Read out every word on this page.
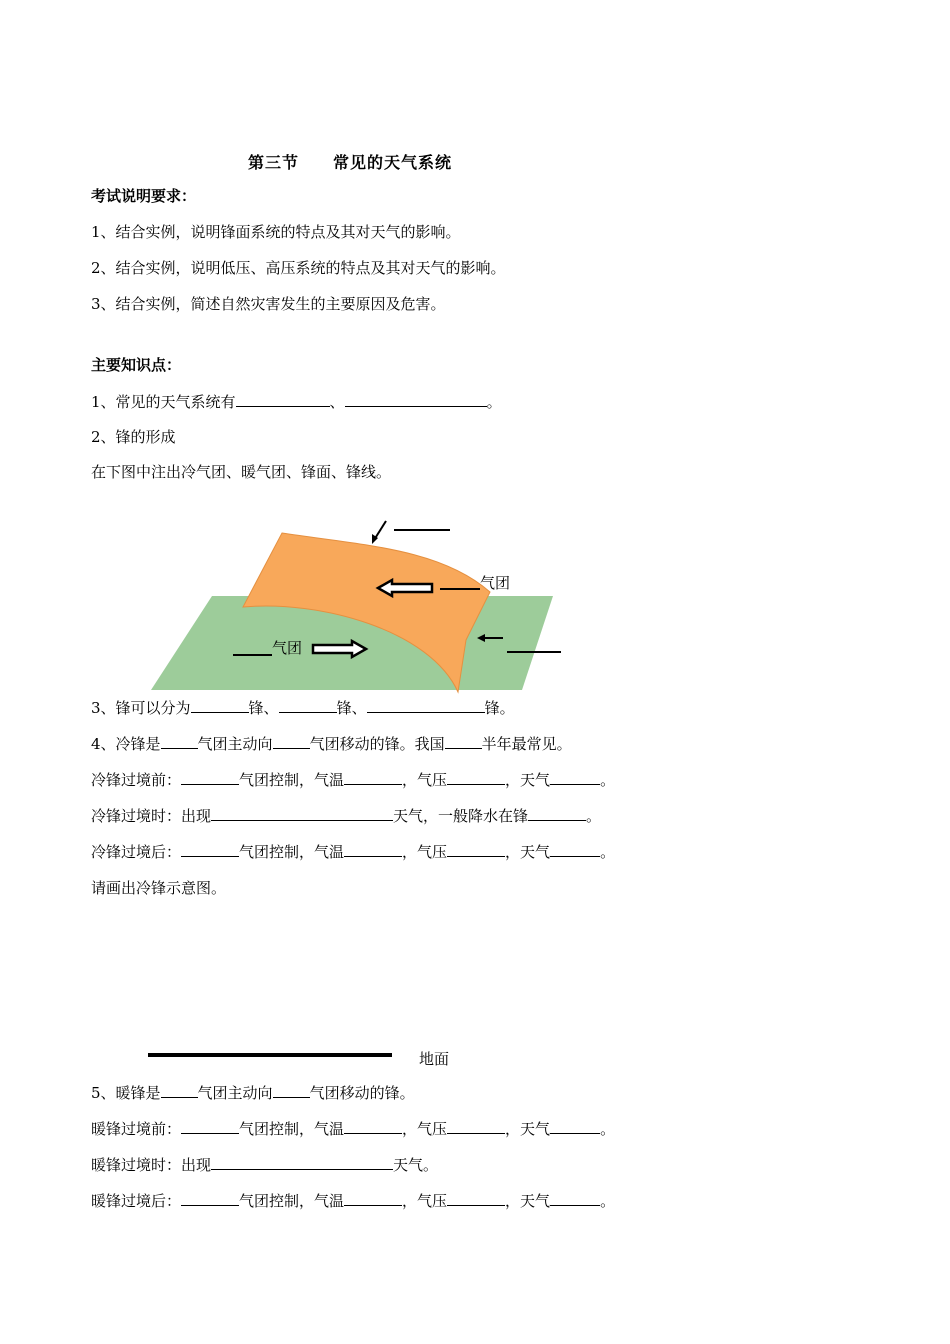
第三节 常见的天气系统
考试说明要求：
1、结合实例，说明锋面系统的特点及其对天气的影响。
2、结合实例，说明低压、高压系统的特点及其对天气的影响。
3、结合实例，简述自然灾害发生的主要原因及危害。
主要知识点：
1、常见的天气系统有	、	。
2、锋的形成
在下图中注出冷气团、暖气团、锋面、锋线。
气团
气团
3、锋可以分为	锋、	锋、	锋。
4、冷锋是 气团主动向 气团移动的锋。我国 半年最常见。
冷锋过境前：	气团控制，气温	，气压	，天气	。
冷锋过境时：出现	天气，一般降水在锋	。
冷锋过境后：	气团控制，气温	，气压	，天气	。
请画出冷锋示意图。
地面
5、暖锋是 气团主动向 气团移动的锋。
暖锋过境前：	气团控制，气温	，气压	，天气	。
暖锋过境时：出现	天气。
暖锋过境后：	气团控制，气温	，气压	，天气	。
